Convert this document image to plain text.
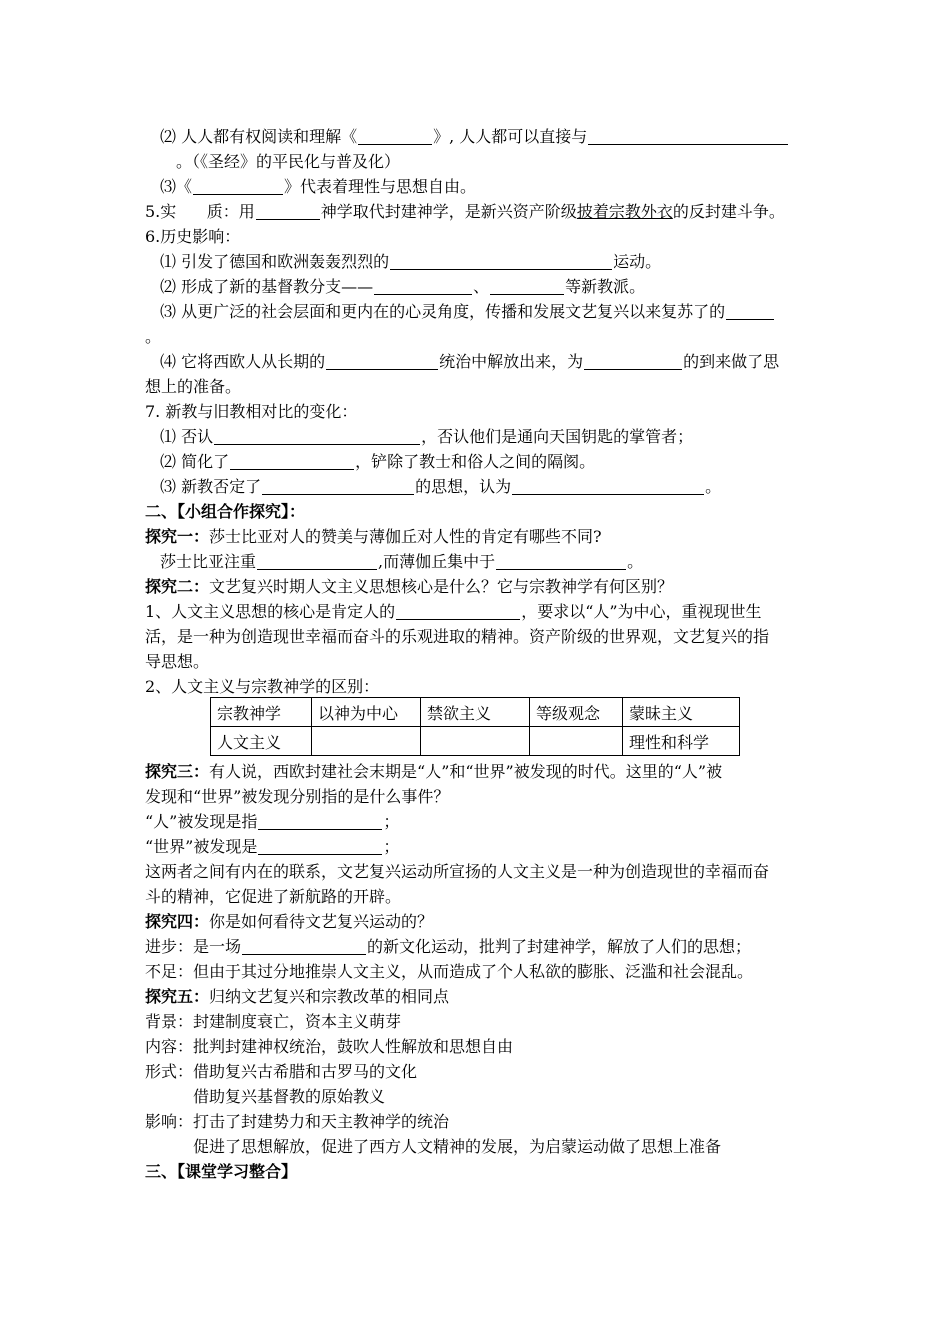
⑵ 人人都有权阅读和理解《	》, 人人都可以直接与
。（《圣经》的平民化与普及化）
⑶《	》代表着理性与思想自由。
5.实      质：用	神学取代封建神学，是新兴资产阶级披着宗教外衣的反封建斗争。
6.历史影响：
⑴ 引发了德国和欧洲轰轰烈烈的	运动。
⑵ 形成了新的基督教分支——	、	等新教派。
⑶ 从更广泛的社会层面和更内在的心灵角度，传播和发展文艺复兴以来复苏了的
。
⑷ 它将西欧人从长期的	统治中解放出来，为	的到来做了思
想上的准备。
7. 新教与旧教相对比的变化：
⑴ 否认	，否认他们是通向天国钥匙的掌管者；
⑵ 简化了	，铲除了教士和俗人之间的隔阂。
⑶ 新教否定了	的思想，认为	。
二、【小组合作探究】：
探究一：莎士比亚对人的赞美与薄伽丘对人性的肯定有哪些不同?
莎士比亚注重	,而薄伽丘集中于	。
探究二：文艺复兴时期人文主义思想核心是什么？它与宗教神学有何区别？
1、人文主义思想的核心是肯定人的	，要求以“人”为中心，重视现世生
活，是一种为创造现世幸福而奋斗的乐观进取的精神。资产阶级的世界观，文艺复兴的指
导思想。
2、人文主义与宗教神学的区别：
宗教神学	以神为中心	禁欲主义	等级观念	蒙昧主义
人文主义				理性和科学
探究三：有人说，西欧封建社会末期是“人”和“世界”被发现的时代。这里的“人”被
发现和“世界”被发现分别指的是什么事件？
“人”被发现是指	；
“世界”被发现是	；
这两者之间有内在的联系，文艺复兴运动所宣扬的人文主义是一种为创造现世的幸福而奋
斗的精神，它促进了新航路的开辟。
探究四：你是如何看待文艺复兴运动的？
进步：是一场	的新文化运动，批判了封建神学，解放了人们的思想；
不足：但由于其过分地推崇人文主义，从而造成了个人私欲的膨胀、泛滥和社会混乱。
探究五：归纳文艺复兴和宗教改革的相同点
背景：封建制度衰亡，资本主义萌芽
内容：批判封建神权统治，鼓吹人性解放和思想自由
形式：借助复兴古希腊和古罗马的文化
借助复兴基督教的原始教义
影响：打击了封建势力和天主教神学的统治
促进了思想解放，促进了西方人文精神的发展，为启蒙运动做了思想上准备
三、【课堂学习整合】
